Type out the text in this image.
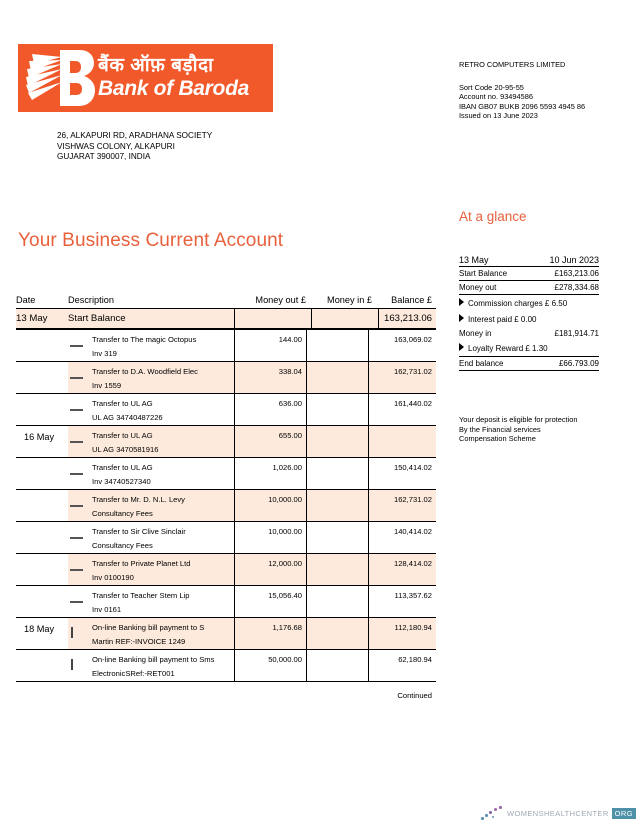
बैंक ऑफ़ बड़ौदा
Bank of Baroda
26, ALKAPURI RD, ARADHANA SOCIETY
VISHWAS COLONY, ALKAPURI
GUJARAT 390007, INDIA
RETRO COMPUTERS LIMITED
Sort Code 20-95-55
Account no. 93494586
IBAN GB07 BUKB 2096 5593 4945 86
Issued on 13 June 2023
Your Business Current Account
At a glance
13 May	10 Jun 2023
Start Balance	£163,213.06
Money out	£278,334.68
Commission charges £ 6.50
Interest paid £ 0.00
Money in	£181,914.71
Loyalty Reward £ 1.30
End balance	£66.793.09
Your deposit is eligible for protection
By the Financial services
Compensation Scheme
Date	Description	Money out £	Money in £	Balance £
13 May	Start Balance	163,213.06
Transfer to The magic Octopus
Inv 319
144.00	163,069.02
Transfer to D.A. Woodfield Elec
Inv 1559
338.04	162,731.02
Transfer to UL AG
UL AG 34740487226
636.00	161,440.02
16 May	Transfer to UL AG
UL AG 3470581916
655.00
Transfer to UL AG
Inv 34740527340
1,026.00	150,414.02
Transfer to Mr. D. N.L. Levy
Consultancy Fees
10,000.00	162,731.02
Transfer to Sir Clive Sinclair
Consultancy Fees
10,000.00	140,414.02
Transfer to Private Planet Ltd
Inv 0100190
12,000.00	128,414.02
Transfer to Teacher Stem Lip
Inv 0161
15,056.40	113,357.62
18 May	On-line Banking bill payment to S
Martin REF:-INVOICE 1249
1,176.68	112,180.94
On-line Banking bill payment to Sms
ElectronicSRef:-RET001
50,000.00	62,180.94
Continued
WOMENSHEALTHCENTER ORG
